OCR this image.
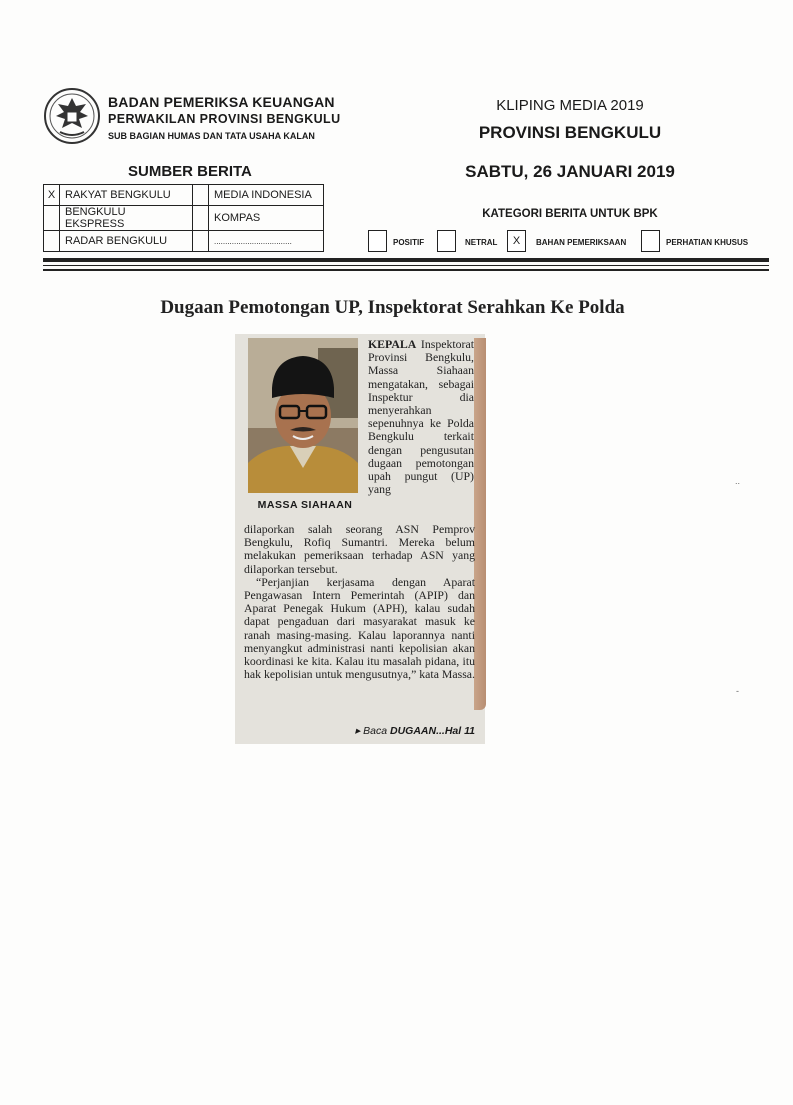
BADAN PEMERIKSA KEUANGAN
PERWAKILAN PROVINSI BENGKULU
SUB BAGIAN HUMAS DAN TATA USAHA KALAN
KLIPING MEDIA 2019
PROVINSI BENGKULU
SABTU, 26 JANUARI 2019
SUMBER BERITA
X	RAKYAT BENGKULU		MEDIA INDONESIA
	BENGKULU EKSPRESS		KOMPAS
	RADAR BENGKULU		...................................
KATEGORI BERITA UNTUK BPK
POSITIF	NETRAL	X	BAHAN PEMERIKSAAN	PERHATIAN KHUSUS
Dugaan Pemotongan UP, Inspektorat Serahkan Ke Polda
MASSA SIAHAAN
KEPALA Inspektorat Provinsi Bengkulu, Massa Siahaan mengatakan, sebagai Inspektur dia menyerahkan sepenuhnya ke Polda Bengkulu terkait dengan pengusutan dugaan pemotongan upah pungut (UP) yang
dilaporkan salah seorang ASN Pemprov Bengkulu, Rofiq Sumantri. Mereka belum melakukan pemeriksaan terhadap ASN yang dilaporkan tersebut.
“Perjanjian kerjasama dengan Aparat Pengawasan Intern Pemerintah (APIP) dan Aparat Penegak Hukum (APH), kalau sudah dapat pengaduan dari masyarakat masuk ke ranah masing-masing. Kalau laporannya nanti menyangkut administrasi nanti kepolisian akan koordinasi ke kita. Kalau itu masalah pidana, itu hak kepolisian untuk mengusutnya,” kata Massa.
▸ Baca DUGAAN...Hal 11
..
-
